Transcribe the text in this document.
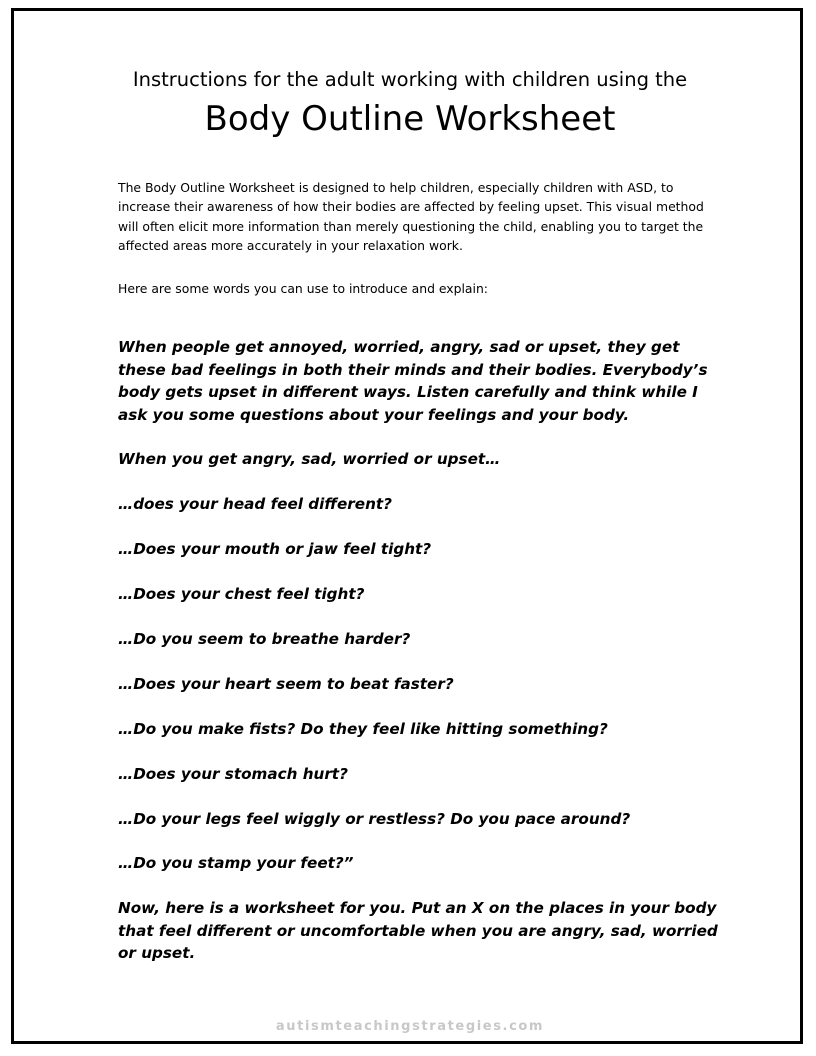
Instructions for the adult working with children using the
Body Outline Worksheet

The Body Outline Worksheet is designed to help children, especially children with ASD, to increase their awareness of how their bodies are affected by feeling upset. This visual method will often elicit more information than merely questioning the child, enabling you to target the affected areas more accurately in your relaxation work.

Here are some words you can use to introduce and explain:

When people get annoyed, worried, angry, sad or upset, they get these bad feelings in both their minds and their bodies. Everybody’s body gets upset in different ways. Listen carefully and think while I ask you some questions about your feelings and your body.

When you get angry, sad, worried or upset…

…does your head feel different?

…Does your mouth or jaw feel tight?

…Does your chest feel tight?

…Do you seem to breathe harder?

…Does your heart seem to beat faster?

…Do you make fists? Do they feel like hitting something?

…Does your stomach hurt?

…Do your legs feel wiggly or restless? Do you pace around?

…Do you stamp your feet?”

Now, here is a worksheet for you. Put an X on the places in your body that feel different or uncomfortable when you are angry, sad, worried or upset.

autismteachingstrategies.com
